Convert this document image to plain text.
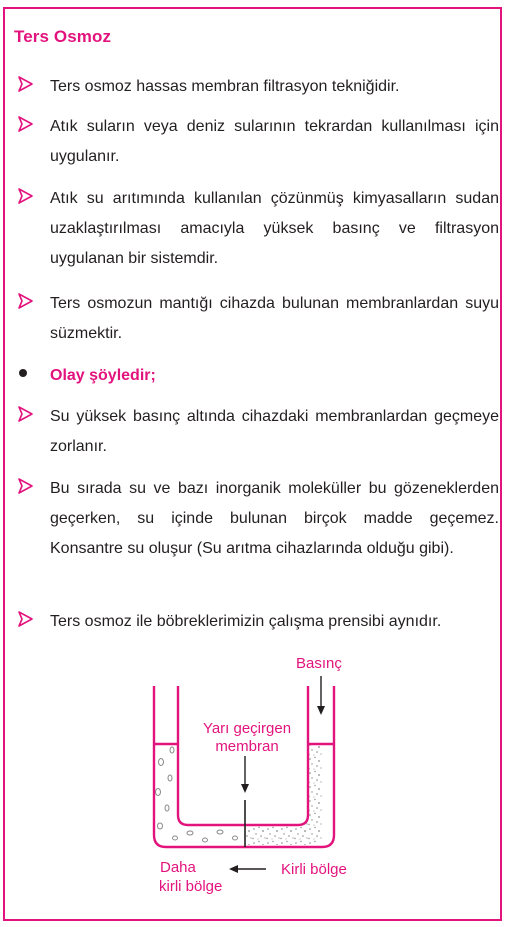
Ters Osmoz

Ters osmoz hassas membran filtrasyon tekniğidir.

Atık suların veya deniz sularının tekrardan kullanılması için uygulanır.

Atık su arıtımında kullanılan çözünmüş kimyasalların sudan uzaklaştırılması amacıyla yüksek basınç ve filtrasyon uygulanan bir sistemdir.

Ters osmozun mantığı cihazda bulunan membranlardan suyu süzmektir.

Olay şöyledir;

Su yüksek basınç altında cihazdaki membranlardan geçmeye zorlanır.

Bu sırada su ve bazı inorganik moleküller bu gözeneklerden geçerken, su içinde bulunan birçok madde geçemez. Konsantre su oluşur (Su arıtma cihazlarında olduğu gibi).

Ters osmoz ile böbreklerimizin çalışma prensibi aynıdır.

Basınç
Yarı geçirgen
membran
Kirli bölge
Daha
kirli bölge
